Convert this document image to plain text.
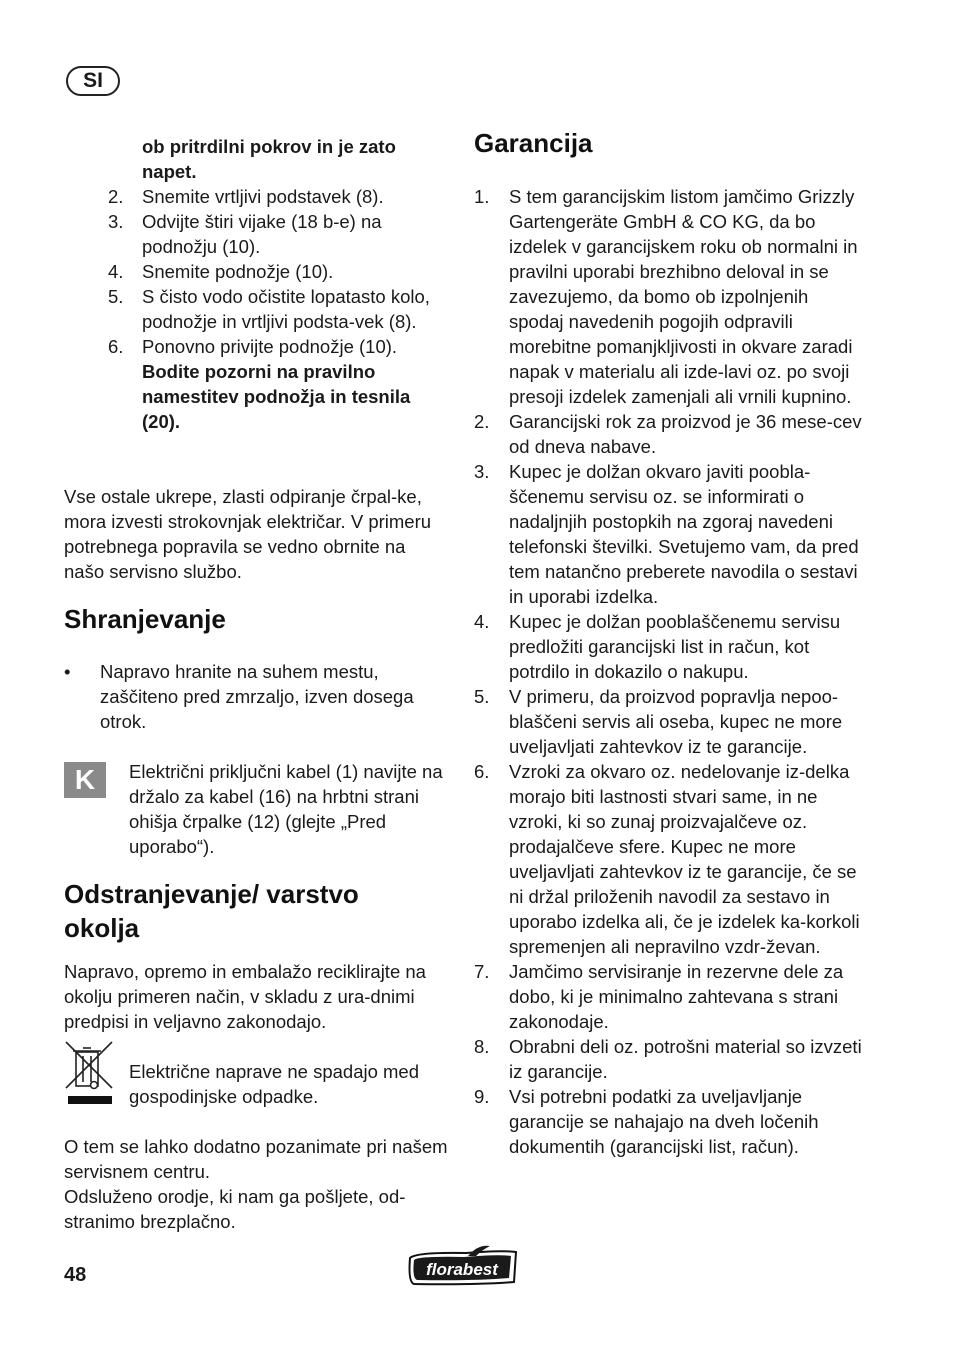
SI
ob pritrdilni pokrov in je zato napet.
2. Snemite vrtljivi podstavek (8).
3. Odvijte štiri vijake (18 b-e) na podnožju (10).
4. Snemite podnožje (10).
5. S čisto vodo očistite lopatasto kolo, podnožje in vrtljivi podsta-vek (8).
6. Ponovno privijte podnožje (10).
Bodite pozorni na pravilno namestitev podnožja in tesnila (20).
Vse ostale ukrepe, zlasti odpiranje črpal-ke, mora izvesti strokovnjak električar. V primeru potrebnega popravila se vedno obrnite na našo servisno službo.
Shranjevanje
• Napravo hranite na suhem mestu, zaščiteno pred zmrzaljo, izven dosega otrok.
K	Električni priključni kabel (1) navijte na držalo za kabel (16) na hrbtni strani ohišja črpalke (12) (glejte „Pred uporabo“).
Odstranjevanje/ varstvo okolja
Napravo, opremo in embalažo reciklirajte na okolju primeren način, v skladu z ura-dnimi predpisi in veljavno zakonodajo.
Električne naprave ne spadajo med gospodinjske odpadke.
O tem se lahko dodatno pozanimate pri našem servisnem centru.
Odsluženo orodje, ki nam ga pošljete, od-stranimo brezplačno.
Garancija
1. S tem garancijskim listom jamčimo Grizzly Gartengeräte GmbH & CO KG, da bo izdelek v garancijskem roku ob normalni in pravilni uporabi brezhibno deloval in se zavezujemo, da bomo ob izpolnjenih spodaj navedenih pogojih odpravili morebitne pomanjkljivosti in okvare zaradi napak v materialu ali izde-lavi oz. po svoji presoji izdelek zamenjali ali vrnili kupnino.
2. Garancijski rok za proizvod je 36 mese-cev od dneva nabave.
3. Kupec je dolžan okvaro javiti poobla-ščenemu servisu oz. se informirati o nadaljnjih postopkih na zgoraj navedeni telefonski številki. Svetujemo vam, da pred tem natančno preberete navodila o sestavi in uporabi izdelka.
4. Kupec je dolžan pooblaščenemu servisu predložiti garancijski list in račun, kot potrdilo in dokazilo o nakupu.
5. V primeru, da proizvod popravlja nepoo-blaščeni servis ali oseba, kupec ne more uveljavljati zahtevkov iz te garancije.
6. Vzroki za okvaro oz. nedelovanje iz-delka morajo biti lastnosti stvari same, in ne vzroki, ki so zunaj proizvajalčeve oz. prodajalčeve sfere. Kupec ne more uveljavljati zahtevkov iz te garancije, če se ni držal priloženih navodil za sestavo in uporabo izdelka ali, če je izdelek ka-korkoli spremenjen ali nepravilno vzdr-ževan.
7. Jamčimo servisiranje in rezervne dele za dobo, ki je minimalno zahtevana s strani zakonodaje.
8. Obrabni deli oz. potrošni material so izvzeti iz garancije.
9. Vsi potrebni podatki za uveljavljanje garancije se nahajajo na dveh ločenih dokumentih (garancijski list, račun).
48	florabest
